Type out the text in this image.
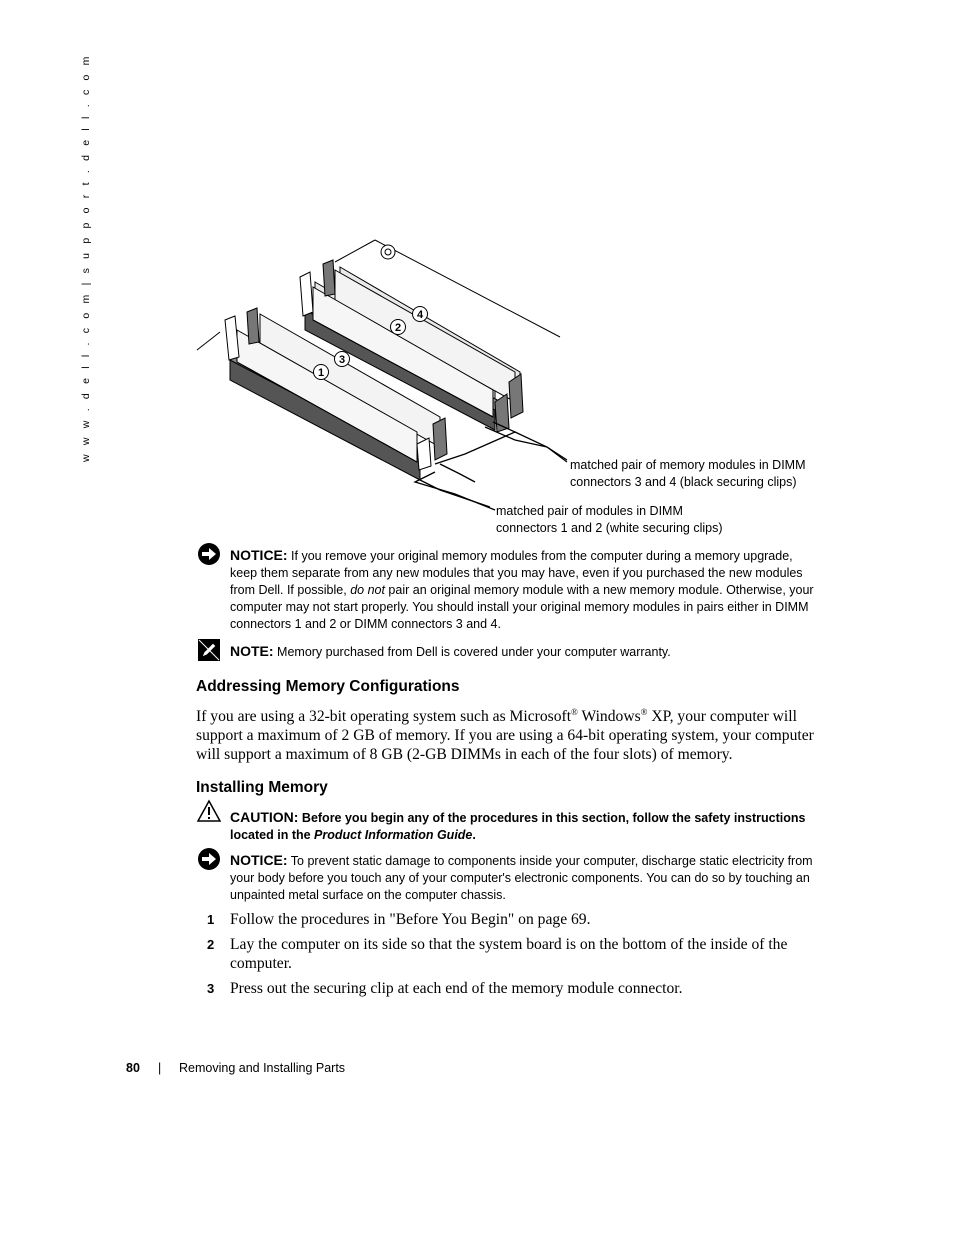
w w w . d e l l . c o m | s u p p o r t . d e l l . c o m	1
2
3
4
matched pair of memory modules in DIMM
connectors 3 and 4 (black securing clips)
matched pair of modules in DIMM
connectors 1 and 2 (white securing clips)
NOTICE: If you remove your original memory modules from the computer during a memory upgrade, keep them separate from any new modules that you may have, even if you purchased the new modules from Dell. If possible, do not pair an original memory module with a new memory module. Otherwise, your computer may not start properly. You should install your original memory modules in pairs either in DIMM connectors 1 and 2 or DIMM connectors 3 and 4.
NOTE: Memory purchased from Dell is covered under your computer warranty.
Addressing Memory Configurations
If you are using a 32-bit operating system such as Microsoft® Windows® XP, your computer will support a maximum of 2 GB of memory. If you are using a 64-bit operating system, your computer will support a maximum of 8 GB (2-GB DIMMs in each of the four slots) of memory.
Installing Memory
CAUTION: Before you begin any of the procedures in this section, follow the safety instructions located in the Product Information Guide.
NOTICE: To prevent static damage to components inside your computer, discharge static electricity from your body before you touch any of your computer's electronic components. You can do so by touching an unpainted metal surface on the computer chassis.
1 Follow the procedures in "Before You Begin" on page 69.
2 Lay the computer on its side so that the system board is on the bottom of the inside of the computer.
3 Press out the securing clip at each end of the memory module connector.
80 | Removing and Installing Parts
